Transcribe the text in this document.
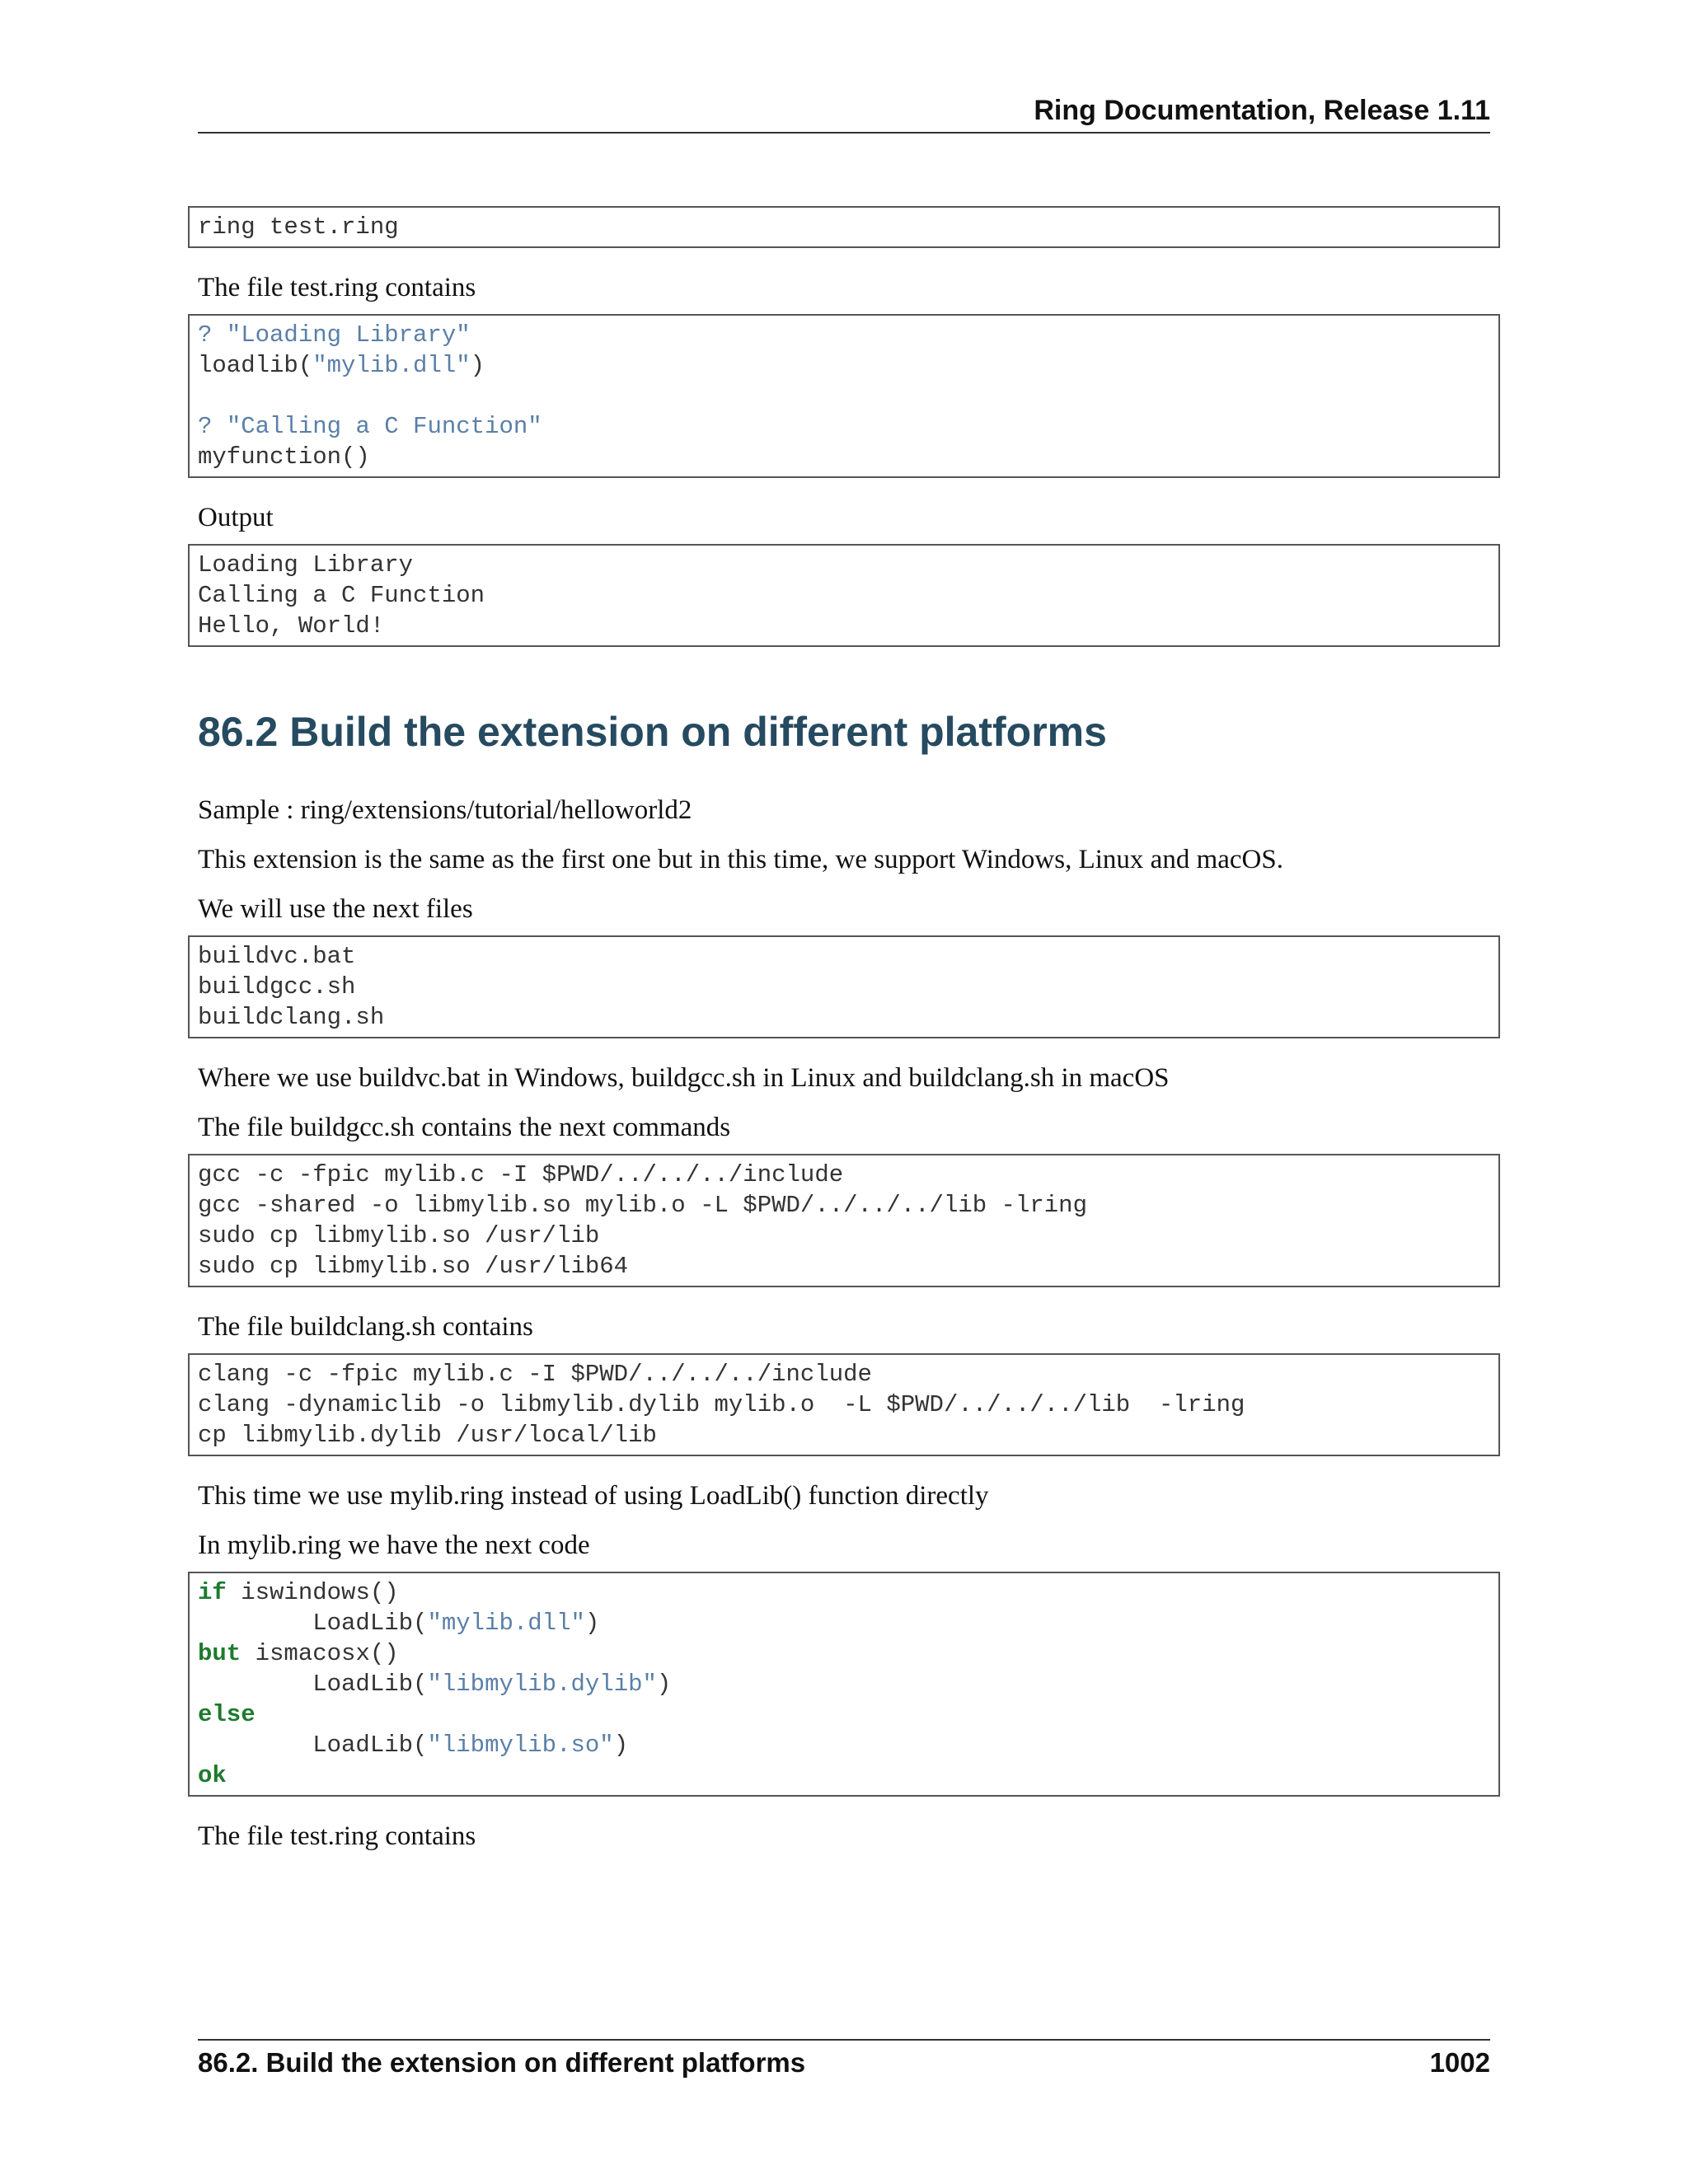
Ring Documentation, Release 1.11
ring test.ring

The file test.ring contains

? "Loading Library"
loadlib("mylib.dll")
? "Calling a C Function"
myfunction()

Output

Loading Library
Calling a C Function
Hello, World!
86.2 Build the extension on different platforms

Sample : ring/extensions/tutorial/helloworld2

This extension is the same as the first one but in this time, we support Windows, Linux and macOS.

We will use the next files

buildvc.bat
buildgcc.sh
buildclang.sh

Where we use buildvc.bat in Windows, buildgcc.sh in Linux and buildclang.sh in macOS

The file buildgcc.sh contains the next commands

gcc -c -fpic mylib.c -I $PWD/../../../include
gcc -shared -o libmylib.so mylib.o -L $PWD/../../../lib -lring
sudo cp libmylib.so /usr/lib
sudo cp libmylib.so /usr/lib64

The file buildclang.sh contains

clang -c -fpic mylib.c -I $PWD/../../../include
clang -dynamiclib -o libmylib.dylib mylib.o  -L $PWD/../../../lib  -lring
cp libmylib.dylib /usr/local/lib

This time we use mylib.ring instead of using LoadLib() function directly

In mylib.ring we have the next code

if iswindows()
LoadLib("mylib.dll")
but ismacosx()
LoadLib("libmylib.dylib")
else
LoadLib("libmylib.so")
ok

The file test.ring contains

86.2. Build the extension on different platforms	1002
